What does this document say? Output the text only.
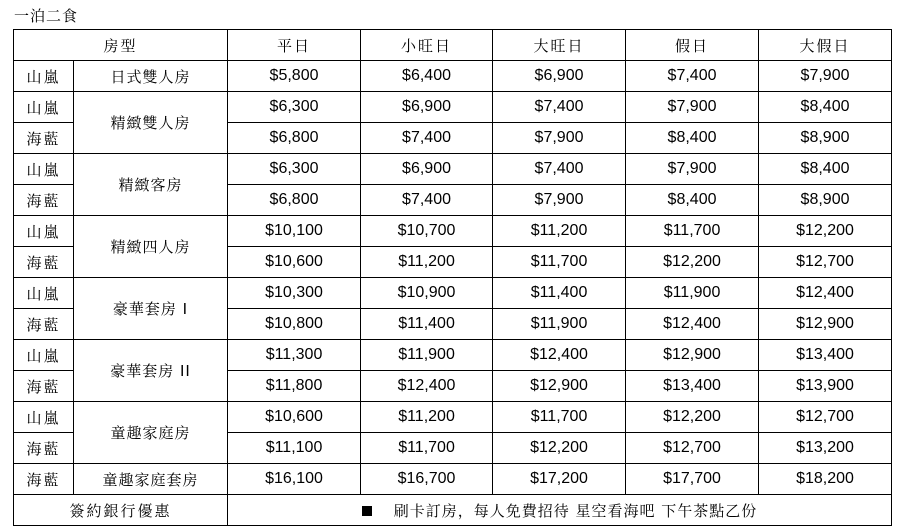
一泊二食
房型		平日	小旺日	大旺日	假日	大假日
山嵐	日式雙人房	$5,800	$6,400	$6,900	$7,400	$7,900
山嵐	精緻雙人房	$6,300	$6,900	$7,400	$7,900	$8,400
海藍		$6,800	$7,400	$7,900	$8,400	$8,900
山嵐	精緻客房	$6,300	$6,900	$7,400	$7,900	$8,400
海藍		$6,800	$7,400	$7,900	$8,400	$8,900
山嵐	精緻四人房	$10,100	$10,700	$11,200	$11,700	$12,200
海藍		$10,600	$11,200	$11,700	$12,200	$12,700
山嵐	豪華套房 I	$10,300	$10,900	$11,400	$11,900	$12,400
海藍		$10,800	$11,400	$11,900	$12,400	$12,900
山嵐	豪華套房 II	$11,300	$11,900	$12,400	$12,900	$13,400
海藍		$11,800	$12,400	$12,900	$13,400	$13,900
山嵐	童趣家庭房	$10,600	$11,200	$11,700	$12,200	$12,700
海藍		$11,100	$11,700	$12,200	$12,700	$13,200
海藍	童趣家庭套房	$16,100	$16,700	$17,200	$17,700	$18,200
簽約銀行優惠		刷卡訂房，每人免費招待 星空看海吧 下午茶點乙份				
